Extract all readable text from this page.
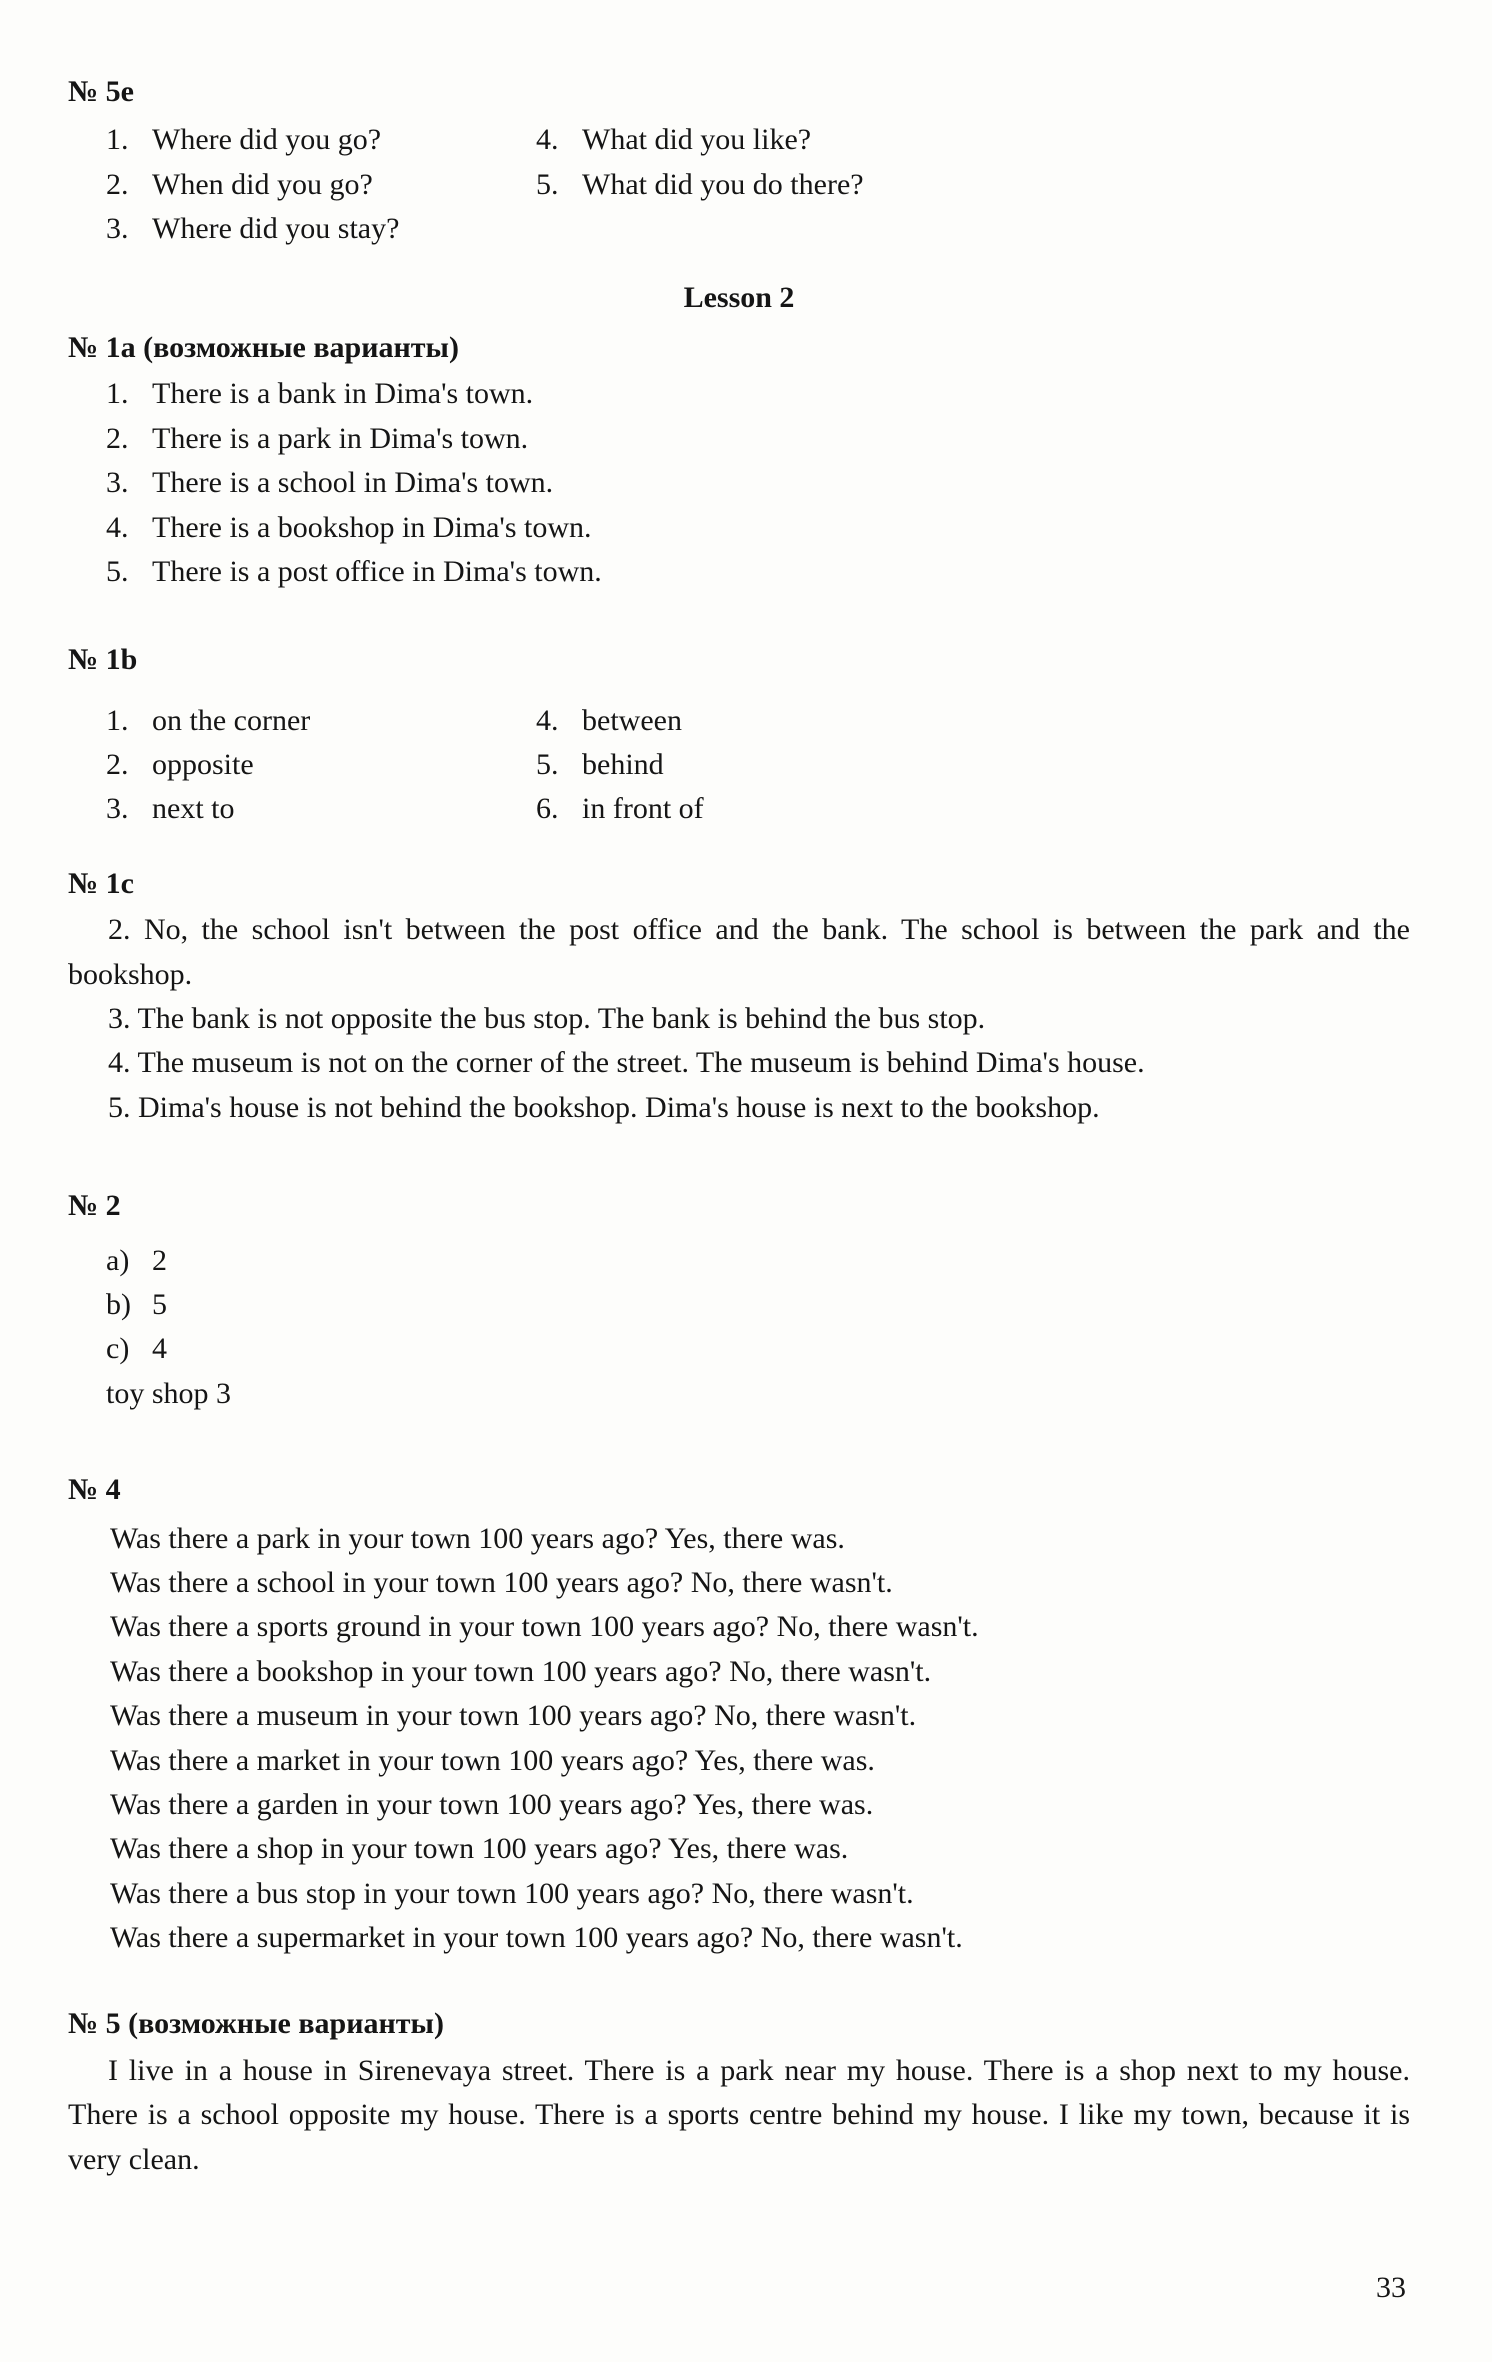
№ 5e
1. Where did you go?
2. When did you go?
3. Where did you stay?
4. What did you like?
5. What did you do there?
Lesson 2
№ 1a (возможные варианты)
1. There is a bank in Dima's town.
2. There is a park in Dima's town.
3. There is a school in Dima's town.
4. There is a bookshop in Dima's town.
5. There is a post office in Dima's town.
№ 1b
1. on the corner
2. opposite
3. next to
4. between
5. behind
6. in front of
№ 1c

2. No, the school isn't between the post office and the bank. The school is between the park and the bookshop.

3. The bank is not opposite the bus stop. The bank is behind the bus stop.

4. The museum is not on the corner of the street. The museum is behind Dima's house.

5. Dima's house is not behind the bookshop. Dima's house is next to the bookshop.

№ 2
a) 2
b) 5
c) 4
toy shop 3
№ 4
Was there a park in your town 100 years ago? Yes, there was.
Was there a school in your town 100 years ago? No, there wasn't.
Was there a sports ground in your town 100 years ago? No, there wasn't.
Was there a bookshop in your town 100 years ago? No, there wasn't.
Was there a museum in your town 100 years ago? No, there wasn't.
Was there a market in your town 100 years ago? Yes, there was.
Was there a garden in your town 100 years ago? Yes, there was.
Was there a shop in your town 100 years ago? Yes, there was.
Was there a bus stop in your town 100 years ago? No, there wasn't.
Was there a supermarket in your town 100 years ago? No, there wasn't.
№ 5 (возможные варианты)

I live in a house in Sirenevaya street. There is a park near my house. There is a shop next to my house. There is a school opposite my house. There is a sports centre behind my house. I like my town, because it is very clean.

33
